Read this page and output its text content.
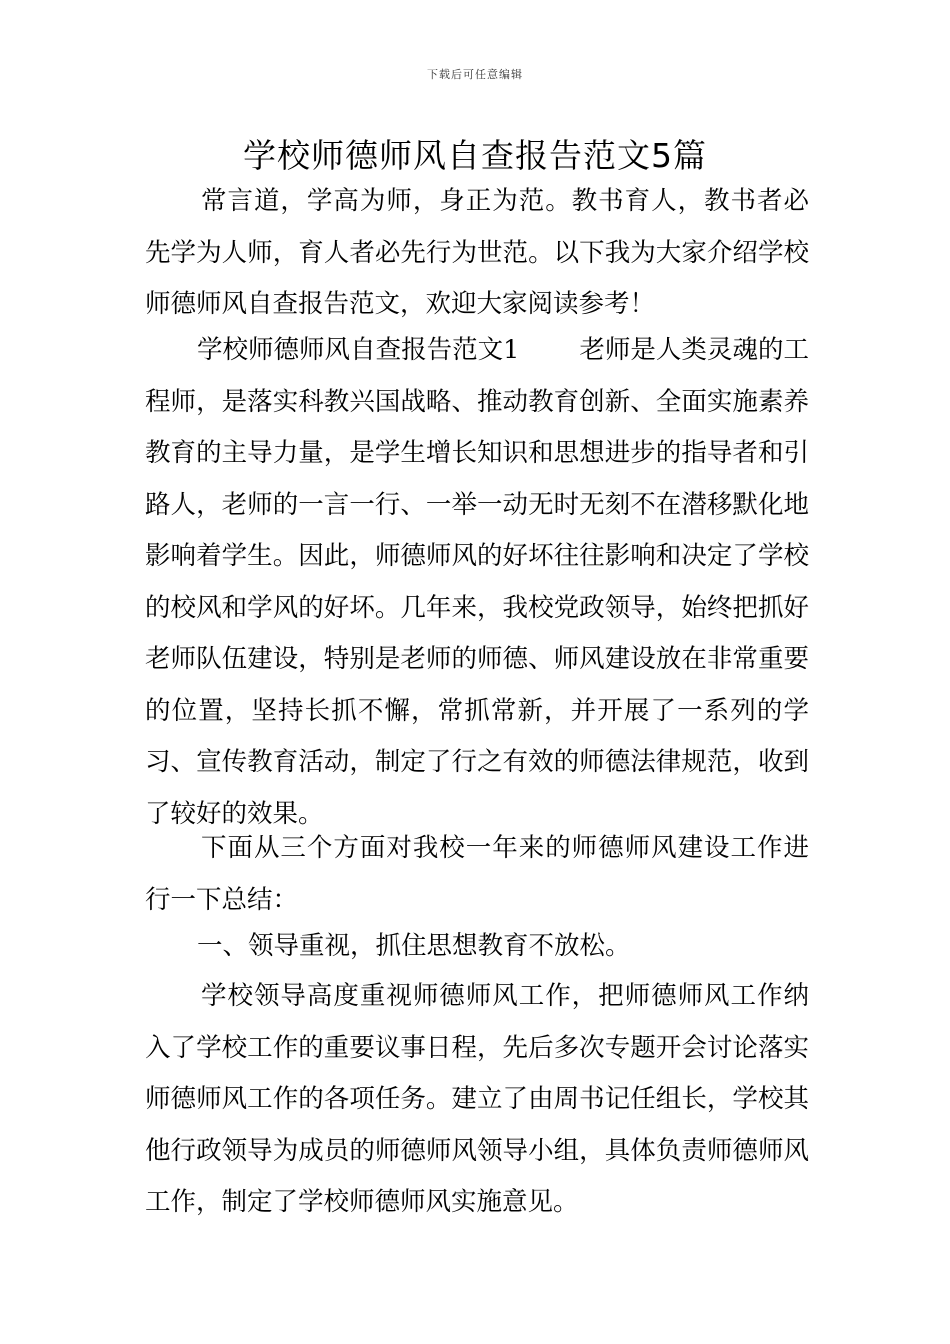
下载后可任意编辑
学校师德师风自查报告范文5篇

常言道，学高为师，身正为范。教书育人，教书者必先学为人师，育人者必先行为世范。以下我为大家介绍学校师德师风自查报告范文，欢迎大家阅读参考！

学校师德师风自查报告范文1 老师是人类灵魂的工程师，是落实科教兴国战略、推动教育创新、全面实施素养教育的主导力量，是学生增长知识和思想进步的指导者和引路人，老师的一言一行、一举一动无时无刻不在潜移默化地影响着学生。因此，师德师风的好坏往往影响和决定了学校的校风和学风的好坏。几年来，我校党政领导，始终把抓好老师队伍建设，特别是老师的师德、师风建设放在非常重要的位置，坚持长抓不懈，常抓常新，并开展了一系列的学习、宣传教育活动，制定了行之有效的师德法律规范，收到了较好的效果。

下面从三个方面对我校一年来的师德师风建设工作进行一下总结：

一、领导重视，抓住思想教育不放松。

学校领导高度重视师德师风工作，把师德师风工作纳入了学校工作的重要议事日程，先后多次专题开会讨论落实师德师风工作的各项任务。建立了由周书记任组长，学校其他行政领导为成员的师德师风领导小组，具体负责师德师风工作，制定了学校师德师风实施意见。
